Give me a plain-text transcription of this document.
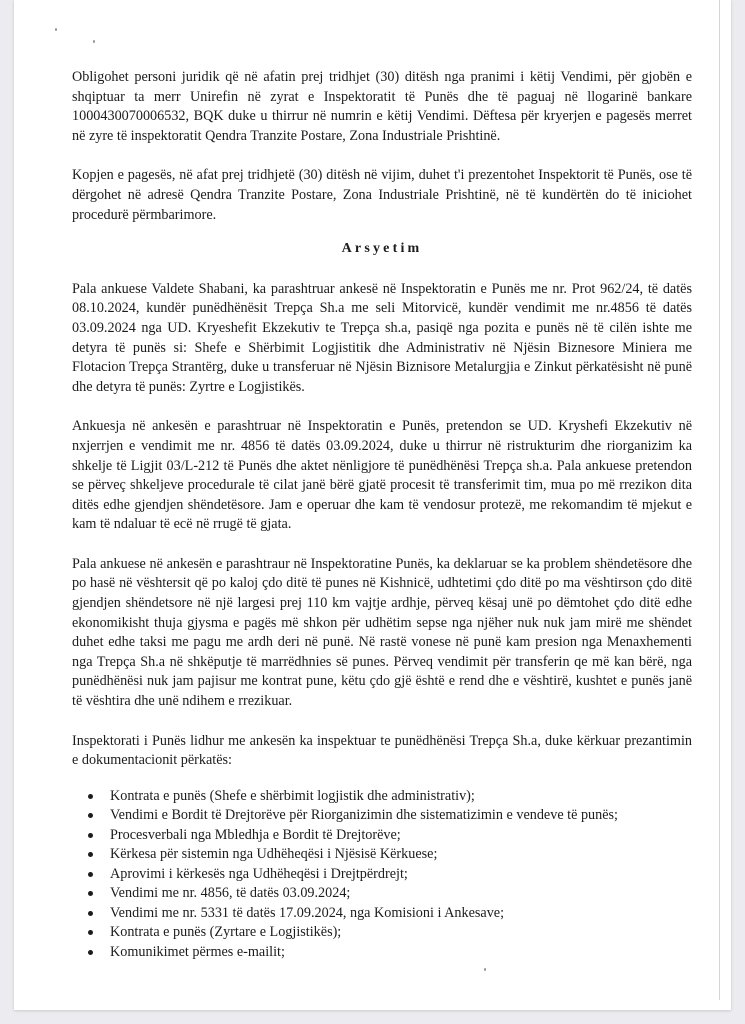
Obligohet personi juridik që në afatin prej tridhjet (30) ditësh nga pranimi i këtij Vendimi, për gjobën e shqiptuar ta merr Unirefin në zyrat e Inspektoratit të Punës dhe të paguaj në llogarinë bankare 1000430070006532, BQK duke u thirrur në numrin e këtij Vendimi. Dëftesa për kryerjen e pagesës merret në zyre të inspektoratit Qendra Tranzite Postare, Zona Industriale Prishtinë.

Kopjen e pagesës, në afat prej tridhjetë (30) ditësh në vijim, duhet t'i prezentohet Inspektorit të Punës, ose të dërgohet në adresë Qendra Tranzite Postare, Zona Industriale Prishtinë, në të kundërtën do të iniciohet procedurë përmbarimore.

Arsyetim

Pala ankuese Valdete Shabani, ka parashtruar ankesë në Inspektoratin e Punës me nr. Prot 962/24, të datës 08.10.2024, kundër punëdhënësit Trepça Sh.a me seli Mitorvicë, kundër vendimit me nr.4856 të datës 03.09.2024 nga UD. Kryeshefit Ekzekutiv te Trepça sh.a, pasiqë nga pozita e punës në të cilën ishte me detyra të punës si: Shefe e Shërbimit Logjistitik dhe Administrativ në Njësin Biznesore Miniera me Flotacion Trepça Strantërg, duke u transferuar në Njësin Biznisore Metalurgjia e Zinkut përkatësisht në punë dhe detyra të punës: Zyrtre e Logjistikës.

Ankuesja në ankesën e parashtruar në Inspektoratin e Punës, pretendon se UD. Kryshefi Ekzekutiv në nxjerrjen e vendimit me nr. 4856 të datës 03.09.2024, duke u thirrur në ristrukturim dhe riorganizim ka shkelje të Ligjit 03/L-212 të Punës dhe aktet nënligjore të punëdhënësi Trepça sh.a. Pala ankuese pretendon se përveç shkeljeve procedurale të cilat janë bërë gjatë procesit të transferimit tim, mua po më rrezikon dita ditës edhe gjendjen shëndetësore. Jam e operuar dhe kam të vendosur protezë, me rekomandim të mjekut e kam të ndaluar të ecë në rrugë të gjata.

Pala ankuese në ankesën e parashtraur në Inspektoratine Punës, ka deklaruar se ka problem shëndetësore dhe po hasë në vështersit që po kaloj çdo ditë të punes në Kishnicë, udhtetimi çdo ditë po ma vështirson çdo ditë gjendjen shëndetsore në një largesi prej 110 km vajtje ardhje, përveq kësaj unë po dëmtohet çdo ditë edhe ekonomikisht thuja gjysma e pagës më shkon për udhëtim sepse nga njëher nuk nuk jam mirë me shëndet duhet edhe taksi me pagu me ardh deri në punë. Në rastë vonese në punë kam presion nga Menaxhementi nga Trepça Sh.a në shkëputje të marrëdhnies së punes. Përveq vendimit për transferin qe më kan bërë, nga punëdhënësi nuk jam pajisur me kontrat pune, këtu çdo gjë është e rend dhe e vështirë, kushtet e punës janë të vështira dhe unë ndihem e rrezikuar.

Inspektorati i Punës lidhur me ankesën ka inspektuar te punëdhënësi Trepça Sh.a, duke kërkuar prezantimin e dokumentacionit përkatës:

Kontrata e punës (Shefe e shërbimit logjistik dhe administrativ);
Vendimi e Bordit të Drejtorëve për Riorganizimin dhe sistematizimin e vendeve të punës;
Procesverbali nga Mbledhja e Bordit të Drejtorëve;
Kërkesa për sistemin nga Udhëheqësi i Njësisë Kërkuese;
Aprovimi i kërkesës nga Udhëheqësi i Drejtpërdrejt;
Vendimi me nr. 4856, të datës 03.09.2024;
Vendimi me nr. 5331 të datës 17.09.2024, nga Komisioni i Ankesave;
Kontrata e punës (Zyrtare e Logjistikës);
Komunikimet përmes e-mailit;
